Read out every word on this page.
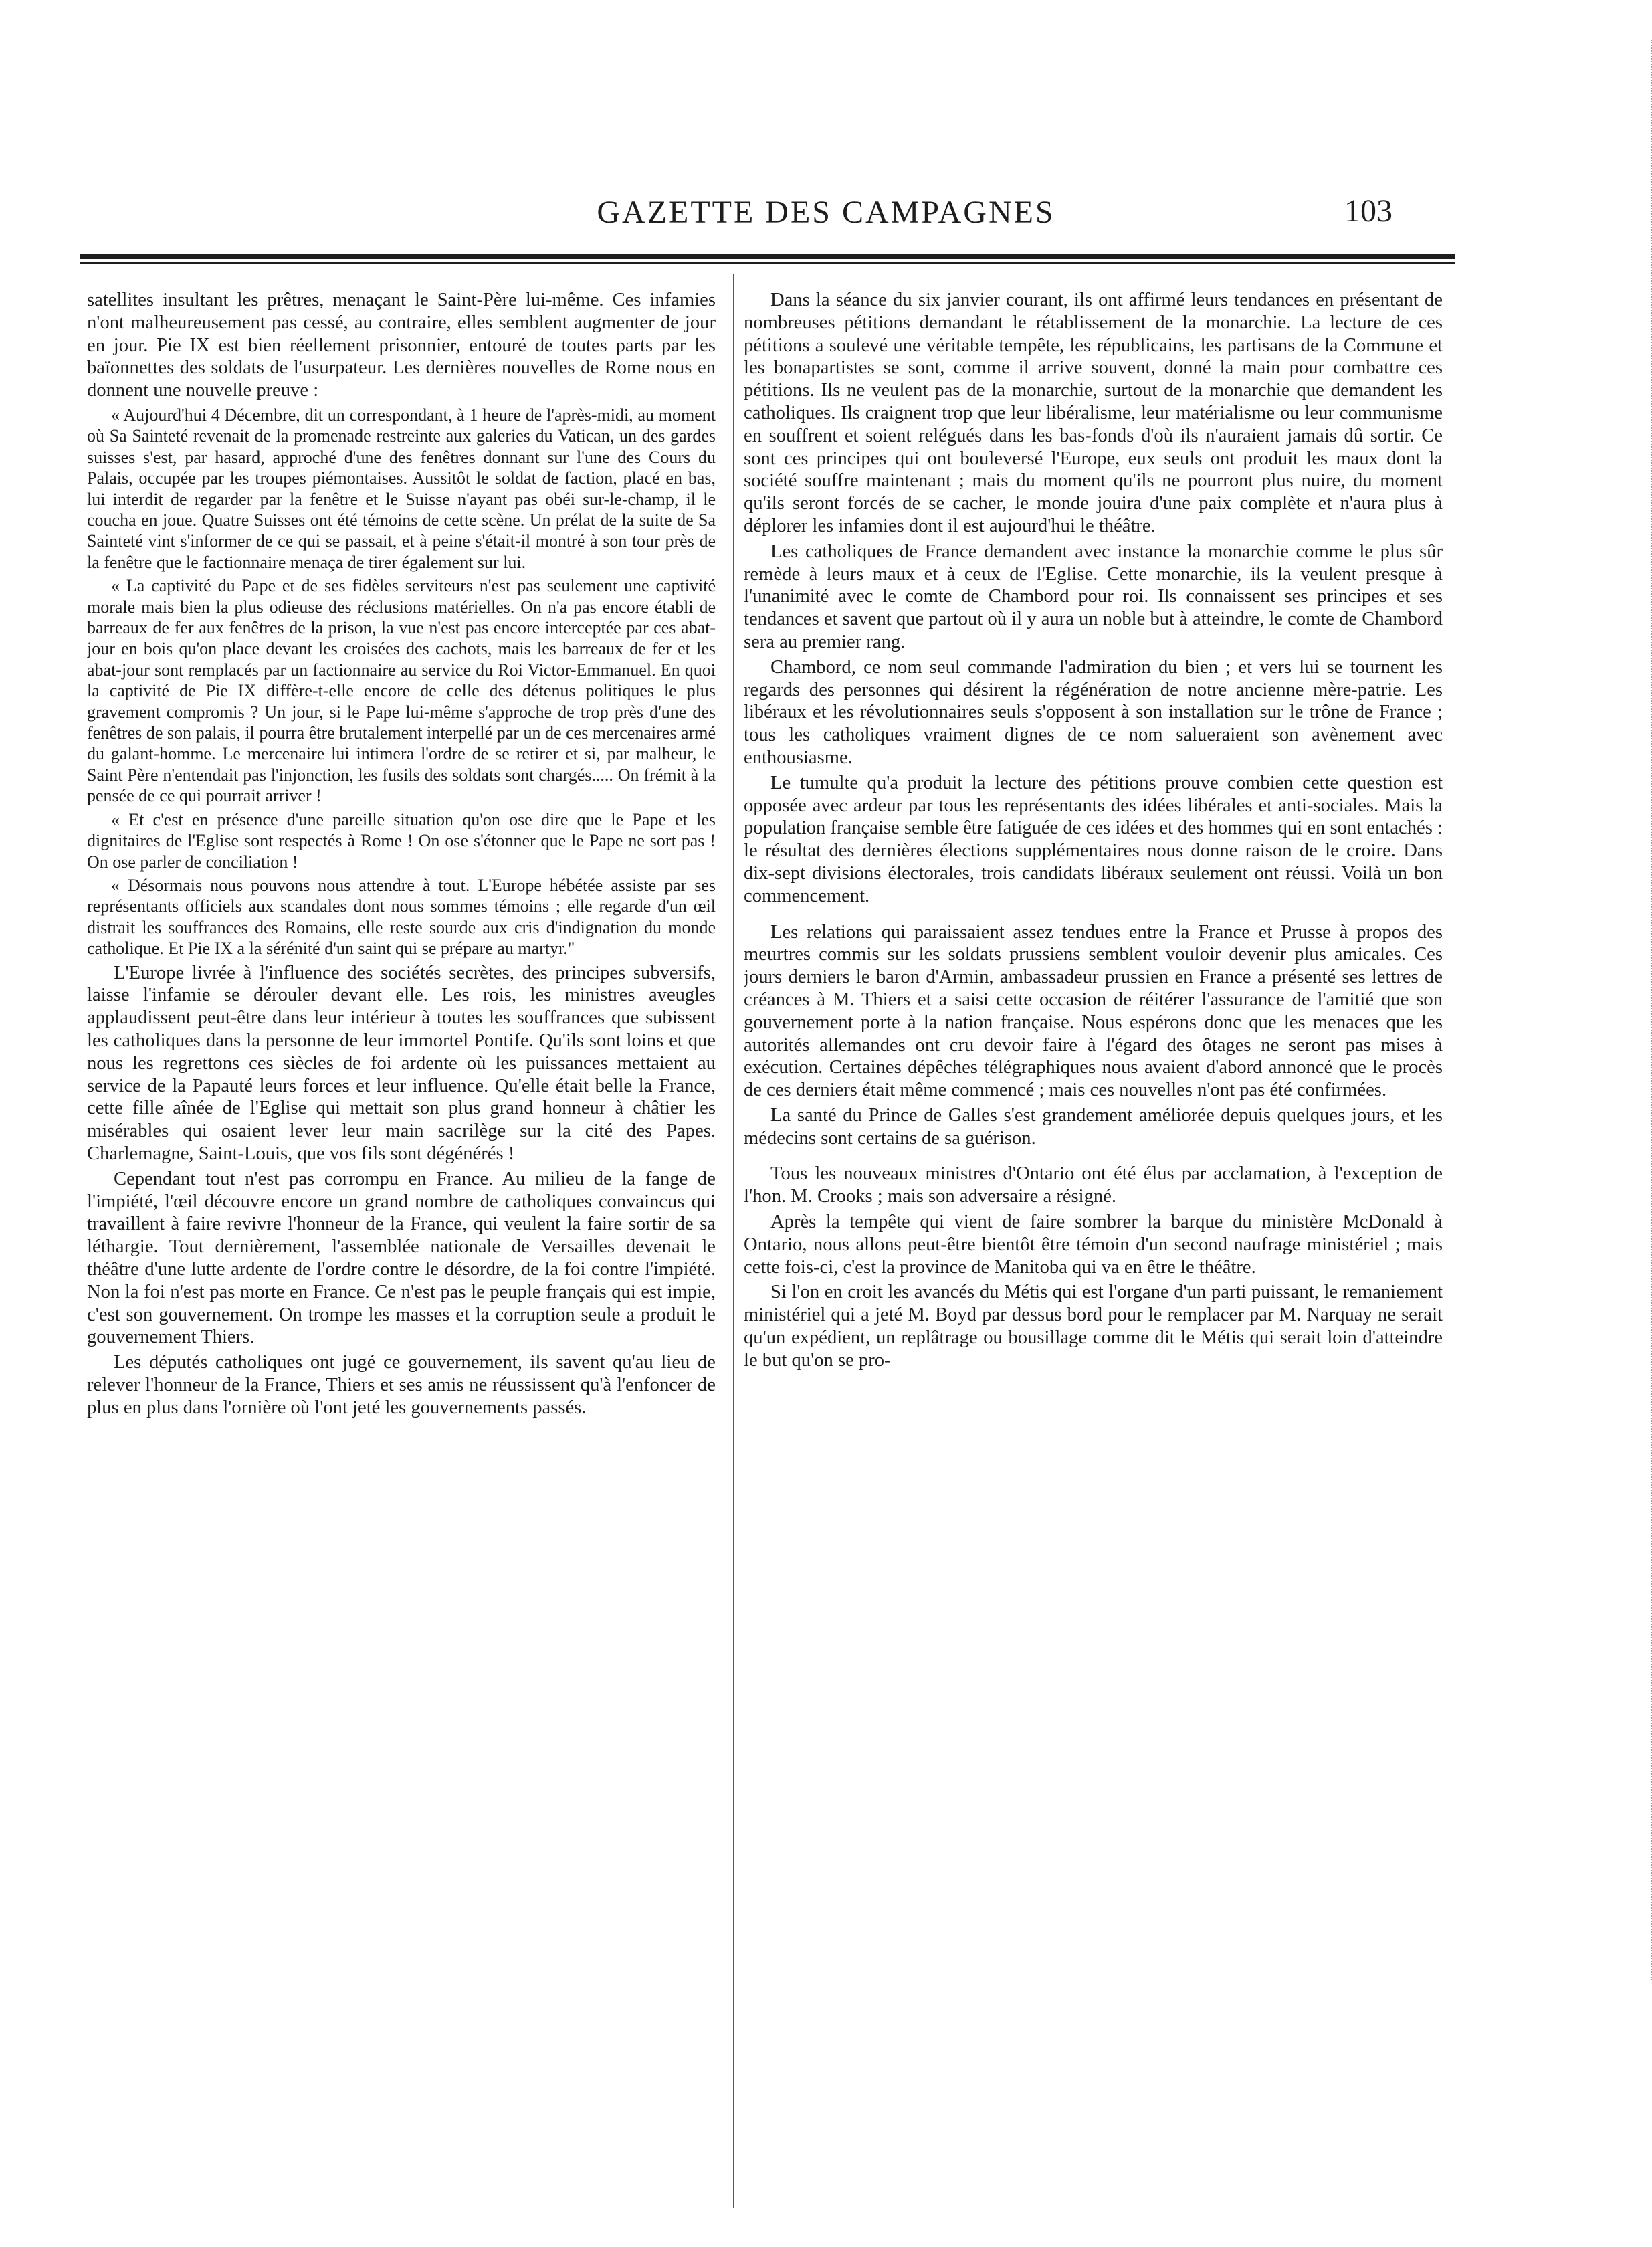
GAZETTE DES CAMPAGNES	103

satellites insultant les prêtres, menaçant le Saint-Père lui-même. Ces infamies n'ont malheureusement pas cessé, au contraire, elles semblent augmenter de jour en jour. Pie IX est bien réellement prisonnier, entouré de toutes parts par les baïonnettes des soldats de l'usurpateur. Les dernières nouvelles de Rome nous en donnent une nouvelle preuve :

« Aujourd'hui 4 Décembre, dit un correspondant, à 1 heure de l'après-midi, au moment où Sa Sainteté revenait de la promenade restreinte aux galeries du Vatican, un des gardes suisses s'est, par hasard, approché d'une des fenêtres donnant sur l'une des Cours du Palais, occupée par les troupes piémontaises. Aussitôt le soldat de faction, placé en bas, lui interdit de regarder par la fenêtre et le Suisse n'ayant pas obéi sur-le-champ, il le coucha en joue. Quatre Suisses ont été témoins de cette scène. Un prélat de la suite de Sa Sainteté vint s'informer de ce qui se passait, et à peine s'était-il montré à son tour près de la fenêtre que le factionnaire menaça de tirer également sur lui.

« La captivité du Pape et de ses fidèles serviteurs n'est pas seulement une captivité morale mais bien la plus odieuse des réclusions matérielles. On n'a pas encore établi de barreaux de fer aux fenêtres de la prison, la vue n'est pas encore interceptée par ces abat-jour en bois qu'on place devant les croisées des cachots, mais les barreaux de fer et les abat-jour sont remplacés par un factionnaire au service du Roi Victor-Emmanuel. En quoi la captivité de Pie IX diffère-t-elle encore de celle des détenus politiques le plus gravement compromis ? Un jour, si le Pape lui-même s'approche de trop près d'une des fenêtres de son palais, il pourra être brutalement interpellé par un de ces mercenaires armé du galant-homme. Le mercenaire lui intimera l'ordre de se retirer et si, par malheur, le Saint Père n'entendait pas l'injonction, les fusils des soldats sont chargés..... On frémit à la pensée de ce qui pourrait arriver !

« Et c'est en présence d'une pareille situation qu'on ose dire que le Pape et les dignitaires de l'Eglise sont respectés à Rome ! On ose s'étonner que le Pape ne sort pas ! On ose parler de conciliation !

« Désormais nous pouvons nous attendre à tout. L'Europe hébétée assiste par ses représentants officiels aux scandales dont nous sommes témoins ; elle regarde d'un œil distrait les souffrances des Romains, elle reste sourde aux cris d'indignation du monde catholique. Et Pie IX a la sérénité d'un saint qui se prépare au martyr."

L'Europe livrée à l'influence des sociétés secrètes, des principes subversifs, laisse l'infamie se dérouler devant elle. Les rois, les ministres aveugles applaudissent peut-être dans leur intérieur à toutes les souffrances que subissent les catholiques dans la personne de leur immortel Pontife. Qu'ils sont loins et que nous les regrettons ces siècles de foi ardente où les puissances mettaient au service de la Papauté leurs forces et leur influence. Qu'elle était belle la France, cette fille aînée de l'Eglise qui mettait son plus grand honneur à châtier les misérables qui osaient lever leur main sacrilège sur la cité des Papes. Charlemagne, Saint-Louis, que vos fils sont dégénérés !

Cependant tout n'est pas corrompu en France. Au milieu de la fange de l'impiété, l'œil découvre encore un grand nombre de catholiques convaincus qui travaillent à faire revivre l'honneur de la France, qui veulent la faire sortir de sa léthargie. Tout dernièrement, l'assemblée nationale de Versailles devenait le théâtre d'une lutte ardente de l'ordre contre le désordre, de la foi contre l'impiété. Non la foi n'est pas morte en France. Ce n'est pas le peuple français qui est impie, c'est son gouvernement. On trompe les masses et la corruption seule a produit le gouvernement Thiers.

Les députés catholiques ont jugé ce gouvernement, ils savent qu'au lieu de relever l'honneur de la France, Thiers et ses amis ne réussissent qu'à l'enfoncer de plus en plus dans l'ornière où l'ont jeté les gouvernements passés.

Dans la séance du six janvier courant, ils ont affirmé leurs tendances en présentant de nombreuses pétitions demandant le rétablissement de la monarchie. La lecture de ces pétitions a soulevé une véritable tempête, les républicains, les partisans de la Commune et les bonapartistes se sont, comme il arrive souvent, donné la main pour combattre ces pétitions. Ils ne veulent pas de la monarchie, surtout de la monarchie que demandent les catholiques. Ils craignent trop que leur libéralisme, leur matérialisme ou leur communisme en souffrent et soient relégués dans les bas-fonds d'où ils n'auraient jamais dû sortir. Ce sont ces principes qui ont bouleversé l'Europe, eux seuls ont produit les maux dont la société souffre maintenant ; mais du moment qu'ils ne pourront plus nuire, du moment qu'ils seront forcés de se cacher, le monde jouira d'une paix complète et n'aura plus à déplorer les infamies dont il est aujourd'hui le théâtre.

Les catholiques de France demandent avec instance la monarchie comme le plus sûr remède à leurs maux et à ceux de l'Eglise. Cette monarchie, ils la veulent presque à l'unanimité avec le comte de Chambord pour roi. Ils connaissent ses principes et ses tendances et savent que partout où il y aura un noble but à atteindre, le comte de Chambord sera au premier rang.

Chambord, ce nom seul commande l'admiration du bien ; et vers lui se tournent les regards des personnes qui désirent la régénération de notre ancienne mère-patrie. Les libéraux et les révolutionnaires seuls s'opposent à son installation sur le trône de France ; tous les catholiques vraiment dignes de ce nom salueraient son avènement avec enthousiasme.

Le tumulte qu'a produit la lecture des pétitions prouve combien cette question est opposée avec ardeur par tous les représentants des idées libérales et anti-sociales. Mais la population française semble être fatiguée de ces idées et des hommes qui en sont entachés : le résultat des dernières élections supplémentaires nous donne raison de le croire. Dans dix-sept divisions électorales, trois candidats libéraux seulement ont réussi. Voilà un bon commencement.

Les relations qui paraissaient assez tendues entre la France et Prusse à propos des meurtres commis sur les soldats prussiens semblent vouloir devenir plus amicales. Ces jours derniers le baron d'Armin, ambassadeur prussien en France a présenté ses lettres de créances à M. Thiers et a saisi cette occasion de réitérer l'assurance de l'amitié que son gouvernement porte à la nation française. Nous espérons donc que les menaces que les autorités allemandes ont cru devoir faire à l'égard des ôtages ne seront pas mises à exécution. Certaines dépêches télégraphiques nous avaient d'abord annoncé que le procès de ces derniers était même commencé ; mais ces nouvelles n'ont pas été confirmées.

La santé du Prince de Galles s'est grandement améliorée depuis quelques jours, et les médecins sont certains de sa guérison.

Tous les nouveaux ministres d'Ontario ont été élus par acclamation, à l'exception de l'hon. M. Crooks ; mais son adversaire a résigné.

Après la tempête qui vient de faire sombrer la barque du ministère McDonald à Ontario, nous allons peut-être bientôt être témoin d'un second naufrage ministériel ; mais cette fois-ci, c'est la province de Manitoba qui va en être le théâtre.

Si l'on en croit les avancés du Métis qui est l'organe d'un parti puissant, le remaniement ministériel qui a jeté M. Boyd par dessus bord pour le remplacer par M. Narquay ne serait qu'un expédient, un replâtrage ou bousillage comme dit le Métis qui serait loin d'atteindre le but qu'on se pro-
